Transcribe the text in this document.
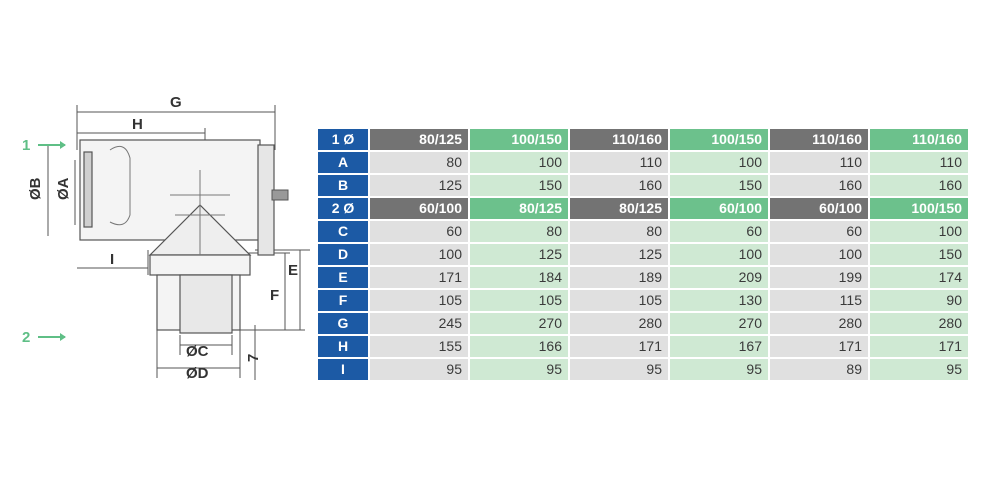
1
2
G
H
I
E
F
ØB ØA
ØC
ØD
7
1 Ø	80/125	100/150	110/160	100/150	110/160	110/160
A	80	100	110	100	110	110
B	125	150	160	150	160	160
2 Ø	60/100	80/125	80/125	60/100	60/100	100/150
C	60	80	80	60	60	100
D	100	125	125	100	100	150
E	171	184	189	209	199	174
F	105	105	105	130	115	90
G	245	270	280	270	280	280
H	155	166	171	167	171	171
I	95	95	95	95	89	95
